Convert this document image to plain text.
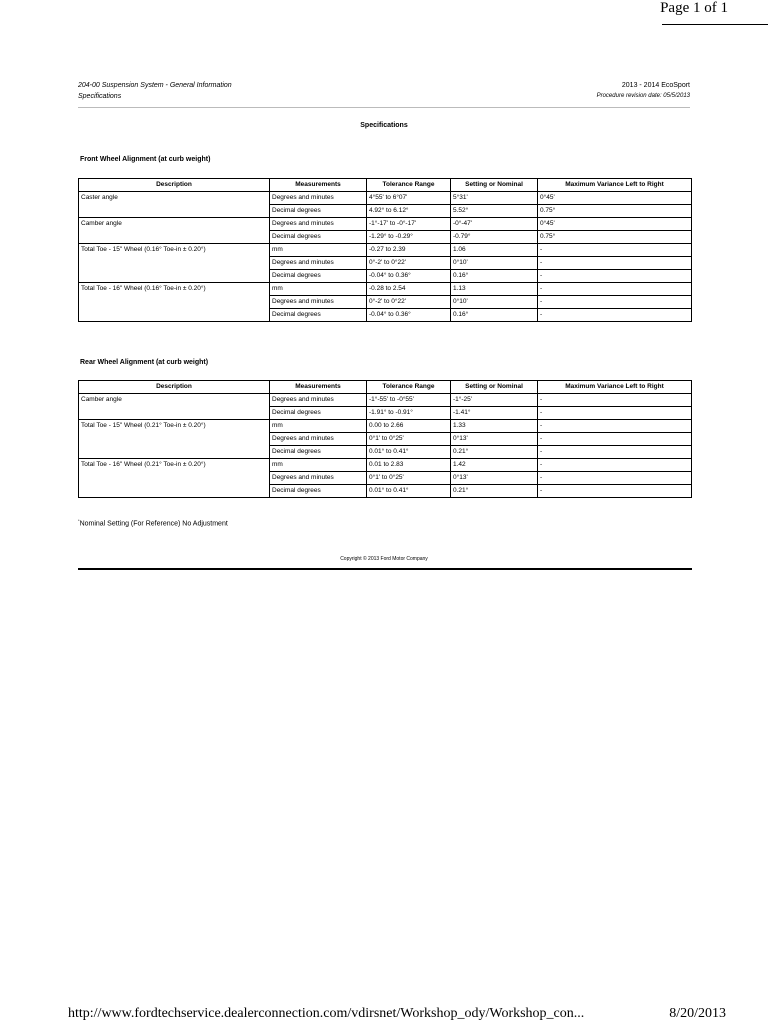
Page 1 of 1
204-00 Suspension System - General Information
Specifications
2013 - 2014 EcoSport
Procedure revision date: 05/5/2013
Specifications
Front Wheel Alignment (at curb weight)
Description	Measurements	Tolerance Range	Setting or Nominal	Maximum Variance Left to Right
Caster angle	Degrees and minutes	4°55' to 6°07'	5°31'	0°45'
	Decimal degrees	4.92° to 6.12°	5.52°	0.75°
Camber angle	Degrees and minutes	-1°-17' to -0°-17'	-0°-47'	0°45'
	Decimal degrees	-1.29° to -0.29°	-0.79°	0.75°
Total Toe - 15" Wheel (0.16° Toe-in ± 0.20°)	mm	-0.27 to 2.39	1.06	-
	Degrees and minutes	0°-2' to 0°22'	0°10'	-
	Decimal degrees	-0.04° to 0.36°	0.16°	-
Total Toe - 16" Wheel (0.16° Toe-in ± 0.20°)	mm	-0.28 to 2.54	1.13	-
	Degrees and minutes	0°-2' to 0°22'	0°10'	-
	Decimal degrees	-0.04° to 0.36°	0.16°	-
Rear Wheel Alignment (at curb weight)
Description	Measurements	Tolerance Range	Setting or Nominal	Maximum Variance Left to Right
Camber angle	Degrees and minutes	-1°-55' to -0°55'	-1°-25'	-
	Decimal degrees	-1.91° to -0.91°	-1.41°	-
Total Toe - 15" Wheel (0.21° Toe-in ± 0.20°)	mm	0.00 to 2.66	1.33	-
	Degrees and minutes	0°1' to 0°25'	0°13'	-
	Decimal degrees	0.01° to 0.41°	0.21°	-
Total Toe - 16" Wheel (0.21° Toe-in ± 0.20°)	mm	0.01 to 2.83	1.42	-
	Degrees and minutes	0°1' to 0°25'	0°13'	-
	Decimal degrees	0.01° to 0.41°	0.21°	-
*Nominal Setting (For Reference) No Adjustment
Copyright © 2013 Ford Motor Company
http://www.fordtechservice.dealerconnection.com/vdirsnet/Workshop_ody/Workshop_con...	8/20/2013
